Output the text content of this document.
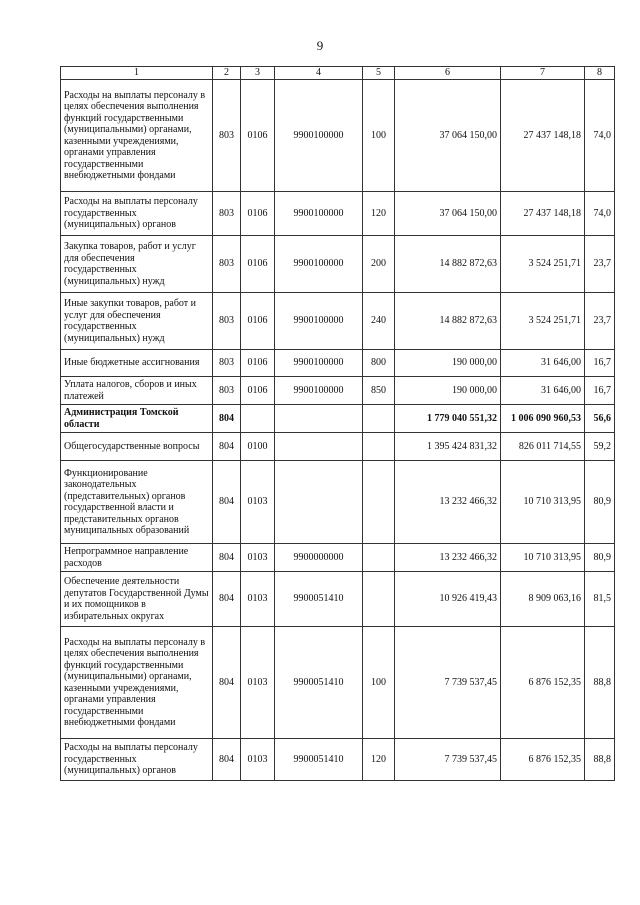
9
1	2	3	4	5	6	7	8
Расходы на выплаты персоналу в целях обеспечения выполнения функций государственными (муниципальными) органами, казенными учреждениями, органами управления государственными внебюджетными фондами	803	0106	9900100000	100	37 064 150,00	27 437 148,18	74,0
Расходы на выплаты персоналу государственных (муниципальных) органов	803	0106	9900100000	120	37 064 150,00	27 437 148,18	74,0
Закупка товаров, работ и услуг для обеспечения государственных (муниципальных) нужд	803	0106	9900100000	200	14 882 872,63	3 524 251,71	23,7
Иные закупки товаров, работ и услуг для обеспечения государственных (муниципальных) нужд	803	0106	9900100000	240	14 882 872,63	3 524 251,71	23,7
Иные бюджетные ассигнования	803	0106	9900100000	800	190 000,00	31 646,00	16,7
Уплата налогов, сборов и иных платежей	803	0106	9900100000	850	190 000,00	31 646,00	16,7
Администрация Томской области	804				1 779 040 551,32	1 006 090 960,53	56,6
Общегосударственные вопросы	804	0100			1 395 424 831,32	826 011 714,55	59,2
Функционирование законодательных (представительных) органов государственной власти и представительных органов муниципальных образований	804	0103			13 232 466,32	10 710 313,95	80,9
Непрограммное направление расходов	804	0103	9900000000		13 232 466,32	10 710 313,95	80,9
Обеспечение деятельности депутатов Государственной Думы и их помощников в избирательных округах	804	0103	9900051410		10 926 419,43	8 909 063,16	81,5
Расходы на выплаты персоналу в целях обеспечения выполнения функций государственными (муниципальными) органами, казенными учреждениями, органами управления государственными внебюджетными фондами	804	0103	9900051410	100	7 739 537,45	6 876 152,35	88,8
Расходы на выплаты персоналу государственных (муниципальных) органов	804	0103	9900051410	120	7 739 537,45	6 876 152,35	88,8
